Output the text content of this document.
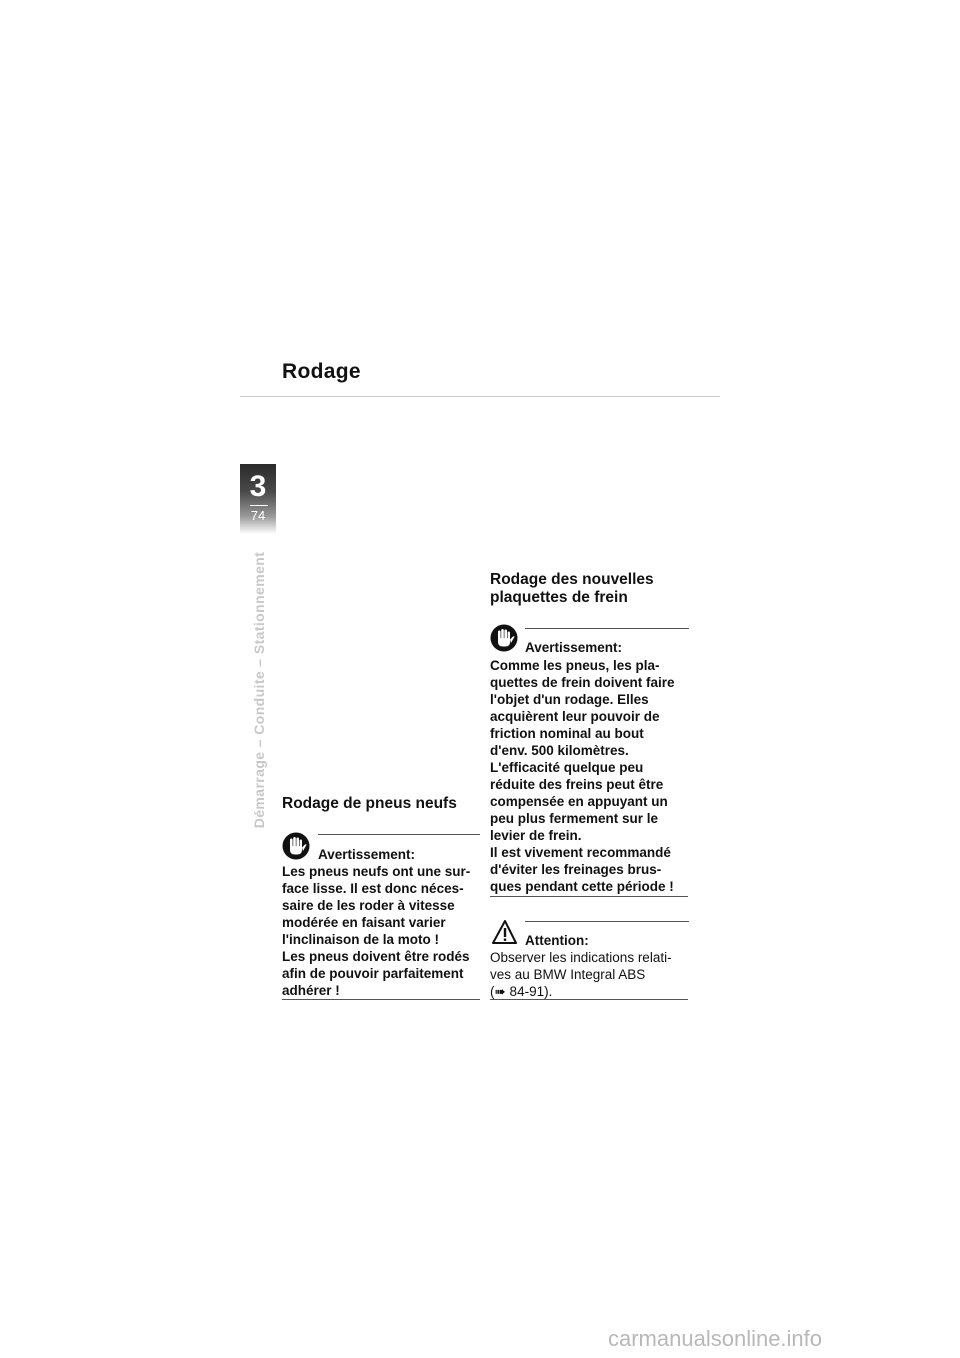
Rodage
3
74
Démarrage – Conduite – Stationnement Rodage de pneus neufs
Avertissement:
Les pneus neufs ont une sur-
face lisse. Il est donc néces-
saire de les roder à vitesse
modérée en faisant varier
l'inclinaison de la moto !
Les pneus doivent être rodés
afin de pouvoir parfaitement
adhérer !
Rodage des nouvelles
plaquettes de frein
Avertissement:
Comme les pneus, les pla-
quettes de frein doivent faire
l'objet d'un rodage. Elles
acquièrent leur pouvoir de
friction nominal au bout
d'env. 500 kilomètres.
L'efficacité quelque peu
réduite des freins peut être
compensée en appuyant un
peu plus fermement sur le
levier de frein.
Il est vivement recommandé
d'éviter les freinages brus-
ques pendant cette période !
Attention:
Observer les indications relati-
ves au BMW Integral ABS
(➠ 84-91).
carmanualsonline.info
